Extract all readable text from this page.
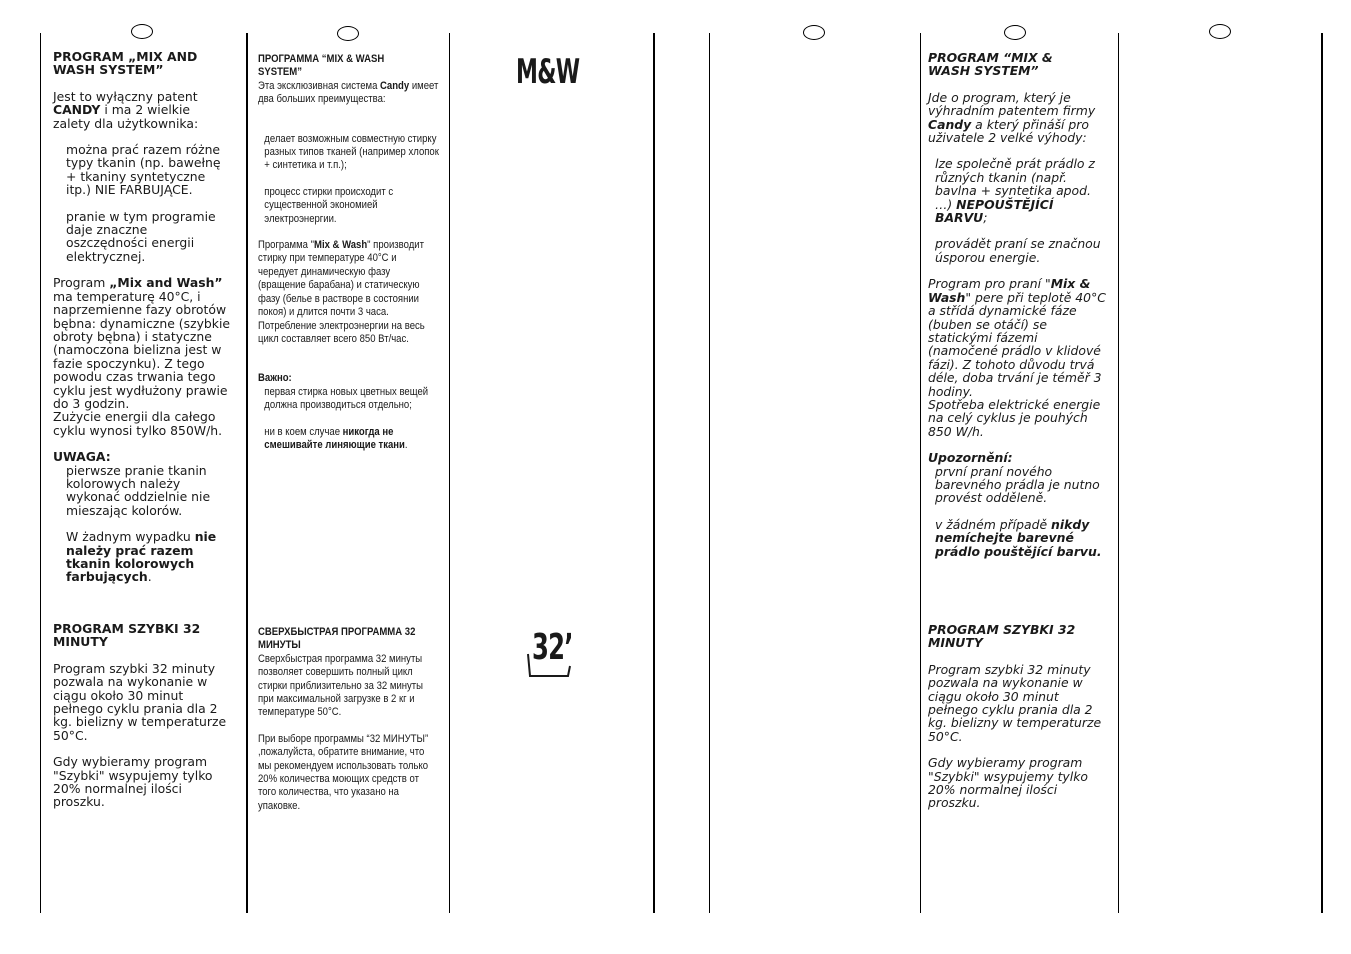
PROGRAM „MIX AND WASH SYSTEM”

Jest to wyłączny patent CANDY i ma 2 wielkie zalety dla użytkownika:

można prać razem różne typy tkanin (np. bawełnę + tkaniny syntetyczne itp.) NIE FARBUJĄCE.

pranie w tym programie daje znaczne oszczędności energii elektrycznej.

Program „Mix and Wash” ma temperaturę 40°C, i naprzemienne fazy obrotów bębna: dynamiczne (szybkie obroty bębna) i statyczne (namoczona bielizna jest w fazie spoczynku). Z tego powodu czas trwania tego cyklu jest wydłużony prawie do 3 godzin.

Zużycie energii dla całego cyklu wynosi tylko 850W/h.

UWAGA:

pierwsze pranie tkanin kolorowych należy wykonać oddzielnie nie mieszając kolorów.

W żadnym wypadku nie należy prać razem tkanin kolorowych farbujących.

PROGRAM SZYBKI 32 MINUTY

Program szybki 32 minuty pozwala na wykonanie w ciągu około 30 minut pełnego cyklu prania dla 2 kg. bielizny w temperaturze 50°C.

Gdy wybieramy program "Szybki" wsypujemy tylko 20% normalnej ilości proszku.

ПРОГРАММА “MIX & WASH SYSTEM”

Эта эксклюзивная система Candy имеет два больших преимущества:

делает возможным совместную стирку разных типов тканей (например хлопок + синтетика и т.п.);

процесс стирки происходит с существенной экономией электроэнергии.

Программа "Mix & Wash" производит стирку при температуре 40°C и чередует динамическую фазу (вращение барабана) и статическую фазу (белье в растворе в состоянии покоя) и длится почти 3 часа. Потребление электроэнергии на весь цикл составляет всего 850 Вт/час.

Важно:

первая стирка новых цветных вещей должна производиться отдельно;

ни в коем случае никогда не смешивайте линяющие ткани.

СВЕРХБЫСТРАЯ ПРОГРАММА 32 МИНУТЫ

Сверхбыстрая программа 32 минуты позволяет совершить полный цикл стирки приблизительно за 32 минуты при максимальной загрузке в 2 кг и температуре 50°C.

При выборе программы “32 МИНУТЫ” ,пожалуйста, обратите внимание, что мы рекомендуем использовать только 20% количества моющих средств от того количества, что указано на упаковке.

M&W
32’

PROGRAM “MIX & WASH SYSTEM”

Jde o program, který je výhradním patentem firmy Candy a který přináší pro uživatele 2 velké výhody:

lze společně prát prádlo z různých tkanin (např. bavlna + syntetika apod. …) NEPOUŠTĚJÍCÍ BARVU;

provádět praní se značnou úsporou energie.

Program pro praní "Mix & Wash" pere při teplotě 40°C a střídá dynamické fáze (buben se otáčí) se statickými fázemi (namočené prádlo v klidové fázi). Z tohoto důvodu trvá déle, doba trvání je téměř 3 hodiny.

Spotřeba elektrické energie na celý cyklus je pouhých 850 W/h.

Upozornění:

první praní nového barevného prádla je nutno provést odděleně.

v žádném případě nikdy nemíchejte barevné prádlo pouštějící barvu.

PROGRAM SZYBKI 32 MINUTY

Program szybki 32 minuty pozwala na wykonanie w ciągu około 30 minut pełnego cyklu prania dla 2 kg. bielizny w temperaturze 50°C.

Gdy wybieramy program "Szybki" wsypujemy tylko 20% normalnej ilości proszku.
